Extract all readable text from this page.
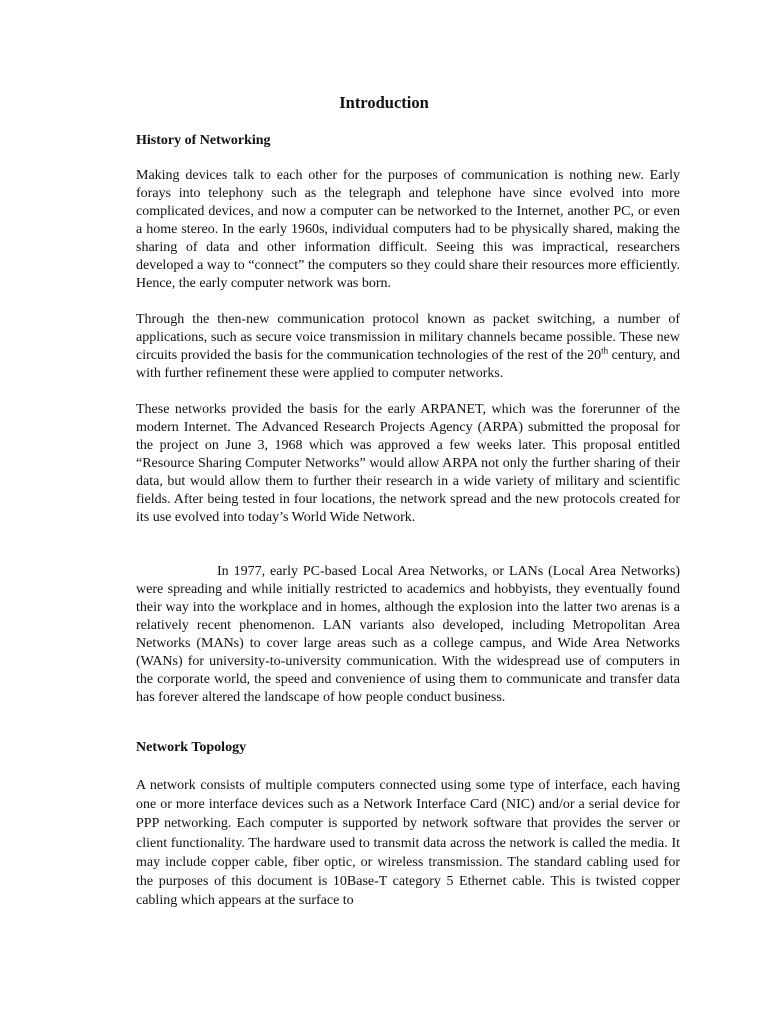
Introduction
History of Networking

Making devices talk to each other for the purposes of communication is nothing new. Early forays into telephony such as the telegraph and telephone have since evolved into more complicated devices, and now a computer can be networked to the Internet, another PC, or even a home stereo. In the early 1960s, individual computers had to be physically shared, making the sharing of data and other information difficult. Seeing this was impractical, researchers developed a way to “connect” the computers so they could share their resources more efficiently. Hence, the early computer network was born.

Through the then-new communication protocol known as packet switching, a number of applications, such as secure voice transmission in military channels became possible. These new circuits provided the basis for the communication technologies of the rest of the 20th century, and with further refinement these were applied to computer networks.

These networks provided the basis for the early ARPANET, which was the forerunner of the modern Internet. The Advanced Research Projects Agency (ARPA) submitted the proposal for the project on June 3, 1968 which was approved a few weeks later. This proposal entitled “Resource Sharing Computer Networks” would allow ARPA not only the further sharing of their data, but would allow them to further their research in a wide variety of military and scientific fields. After being tested in four locations, the network spread and the new protocols created for its use evolved into today’s World Wide Network.

In 1977, early PC-based Local Area Networks, or LANs (Local Area Networks) were spreading and while initially restricted to academics and hobbyists, they eventually found their way into the workplace and in homes, although the explosion into the latter two arenas is a relatively recent phenomenon. LAN variants also developed, including Metropolitan Area Networks (MANs) to cover large areas such as a college campus, and Wide Area Networks (WANs) for university-to-university communication. With the widespread use of computers in the corporate world, the speed and convenience of using them to communicate and transfer data has forever altered the landscape of how people conduct business.

Network Topology

A network consists of multiple computers connected using some type of interface, each having one or more interface devices such as a Network Interface Card (NIC) and/or a serial device for PPP networking. Each computer is supported by network software that provides the server or client functionality. The hardware used to transmit data across the network is called the media. It may include copper cable, fiber optic, or wireless transmission. The standard cabling used for the purposes of this document is 10Base-T category 5 Ethernet cable. This is twisted copper cabling which appears at the surface to
